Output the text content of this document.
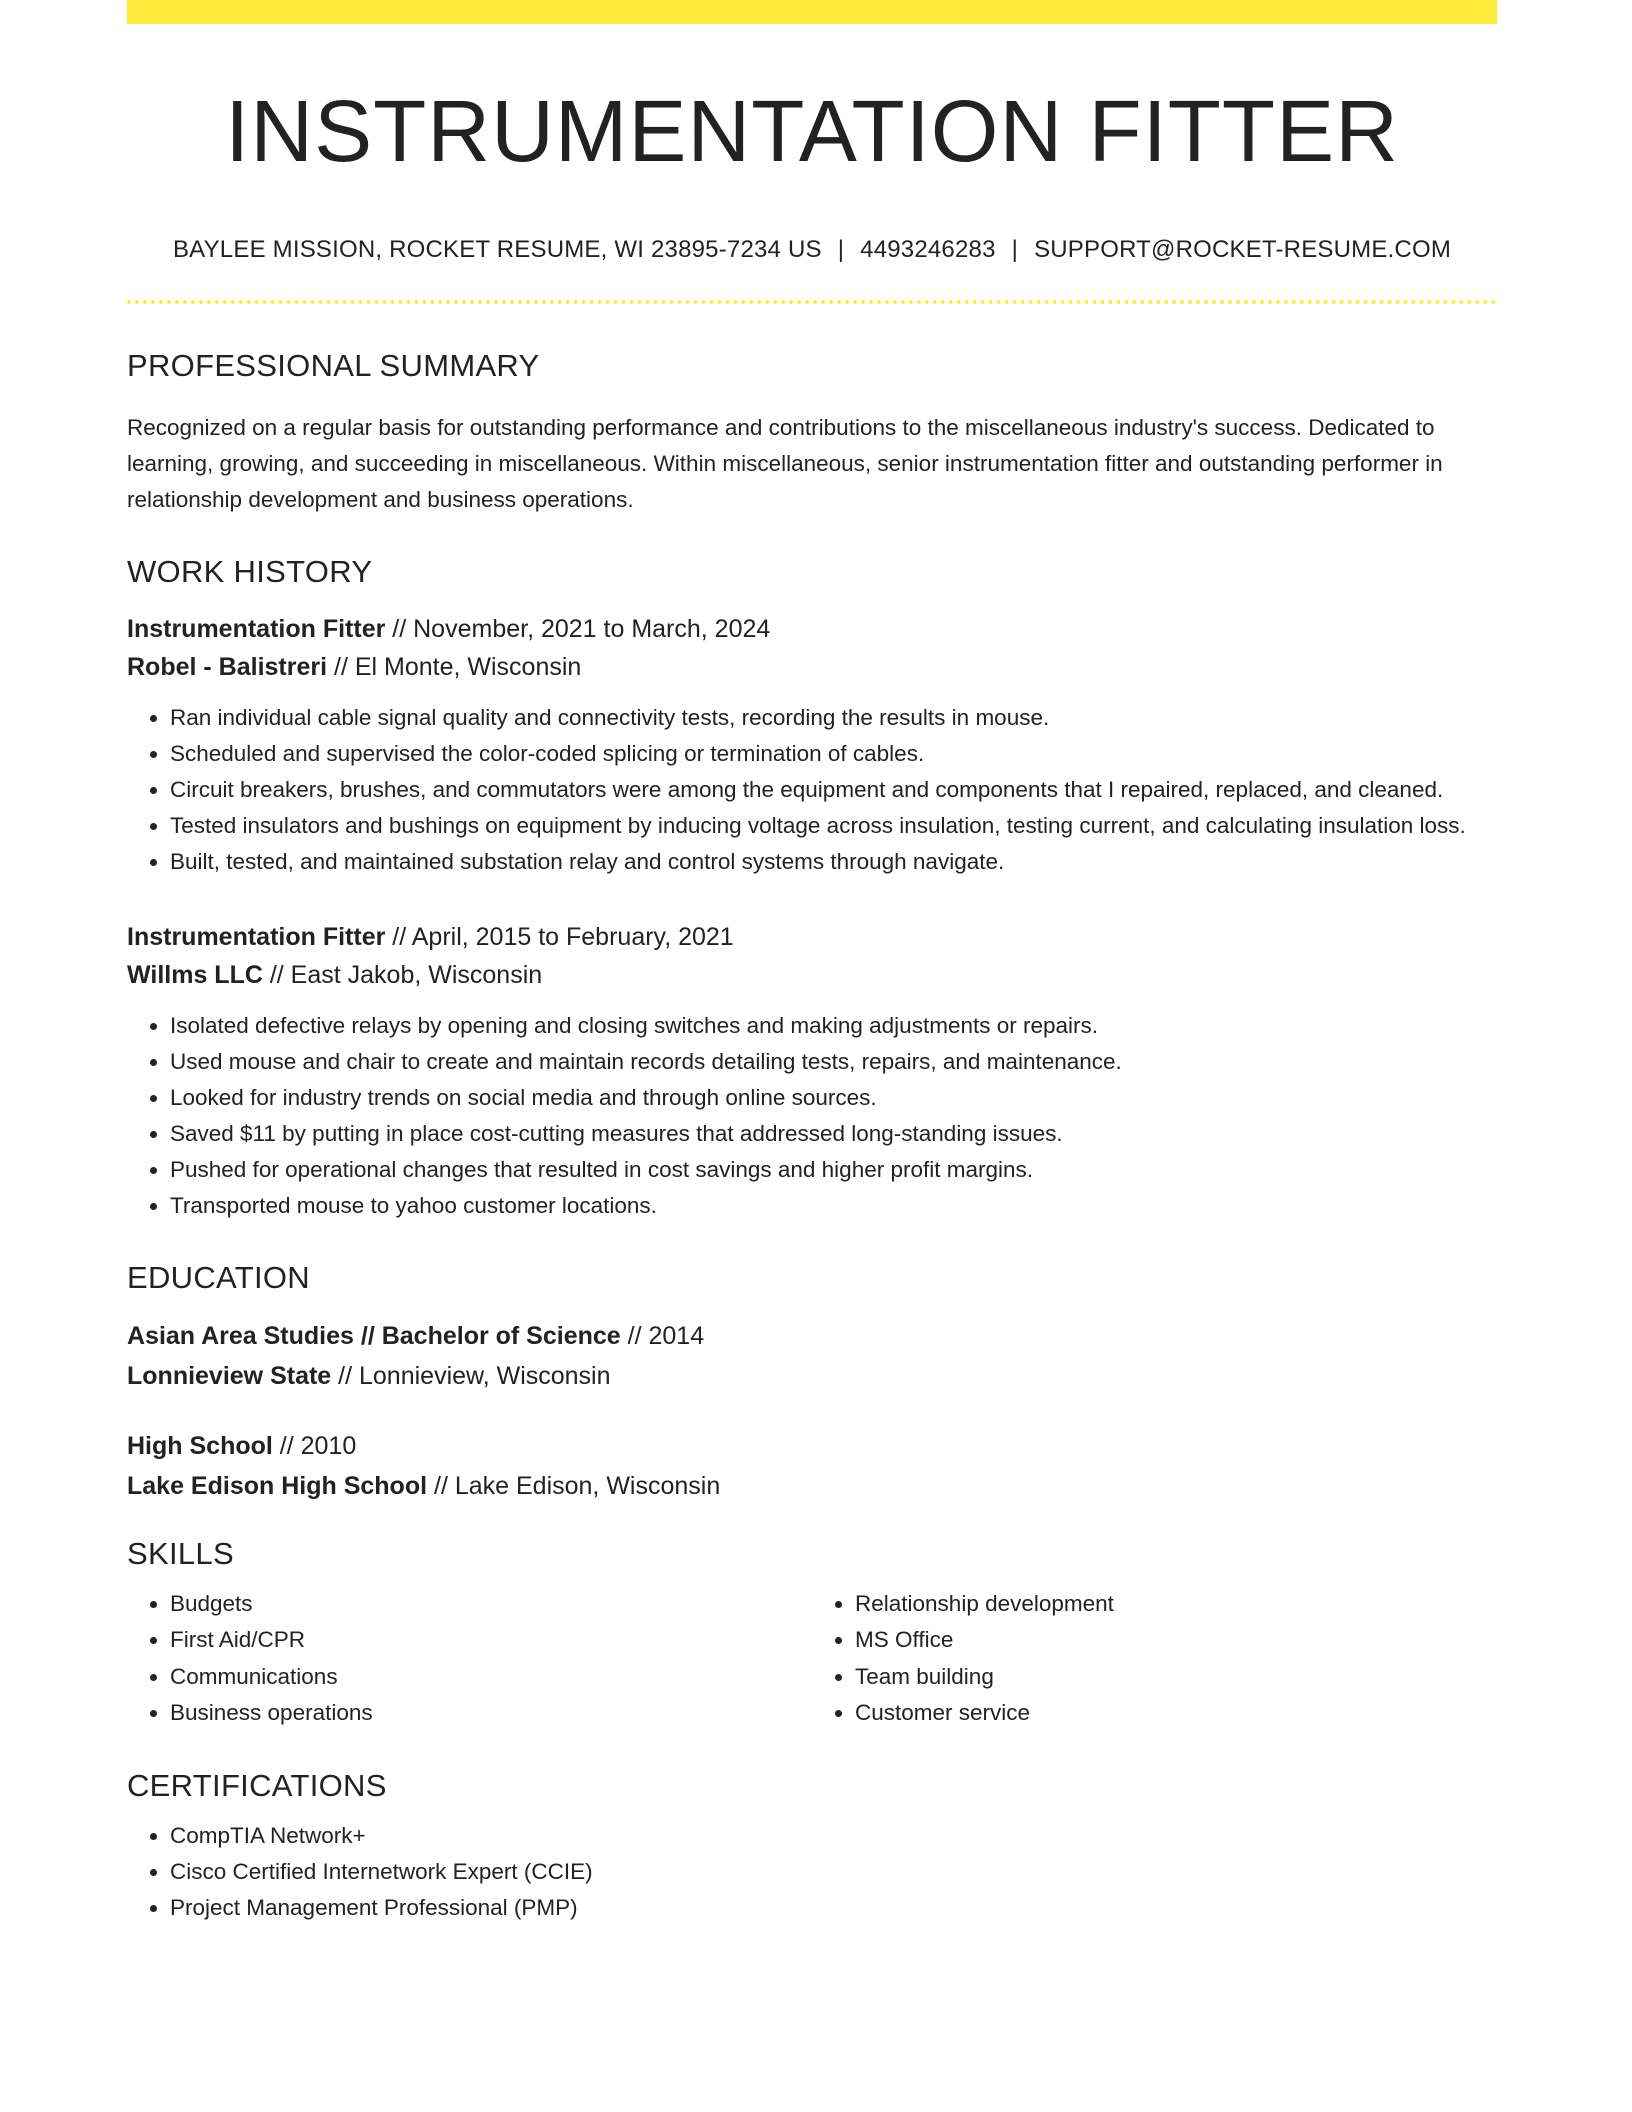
INSTRUMENTATION FITTER
BAYLEE MISSION, ROCKET RESUME, WI 23895-7234 US | 4493246283 | SUPPORT@ROCKET-RESUME.COM
PROFESSIONAL SUMMARY

Recognized on a regular basis for outstanding performance and contributions to the miscellaneous industry's success. Dedicated to learning, growing, and succeeding in miscellaneous. Within miscellaneous, senior instrumentation fitter and outstanding performer in relationship development and business operations.

WORK HISTORY
Instrumentation Fitter // November, 2021 to March, 2024
Robel - Balistreri // El Monte, Wisconsin
• Ran individual cable signal quality and connectivity tests, recording the results in mouse.
• Scheduled and supervised the color-coded splicing or termination of cables.
• Circuit breakers, brushes, and commutators were among the equipment and components that I repaired, replaced, and cleaned.
• Tested insulators and bushings on equipment by inducing voltage across insulation, testing current, and calculating insulation loss.
• Built, tested, and maintained substation relay and control systems through navigate.
Instrumentation Fitter // April, 2015 to February, 2021
Willms LLC // East Jakob, Wisconsin
• Isolated defective relays by opening and closing switches and making adjustments or repairs.
• Used mouse and chair to create and maintain records detailing tests, repairs, and maintenance.
• Looked for industry trends on social media and through online sources.
• Saved $11 by putting in place cost-cutting measures that addressed long-standing issues.
• Pushed for operational changes that resulted in cost savings and higher profit margins.
• Transported mouse to yahoo customer locations.
EDUCATION
Asian Area Studies // Bachelor of Science // 2014
Lonnieview State // Lonnieview, Wisconsin
High School // 2010
Lake Edison High School // Lake Edison, Wisconsin
SKILLS
• Budgets
• First Aid/CPR
• Communications
• Business operations
• Relationship development
• MS Office
• Team building
• Customer service
CERTIFICATIONS
• CompTIA Network+
• Cisco Certified Internetwork Expert (CCIE)
• Project Management Professional (PMP)
